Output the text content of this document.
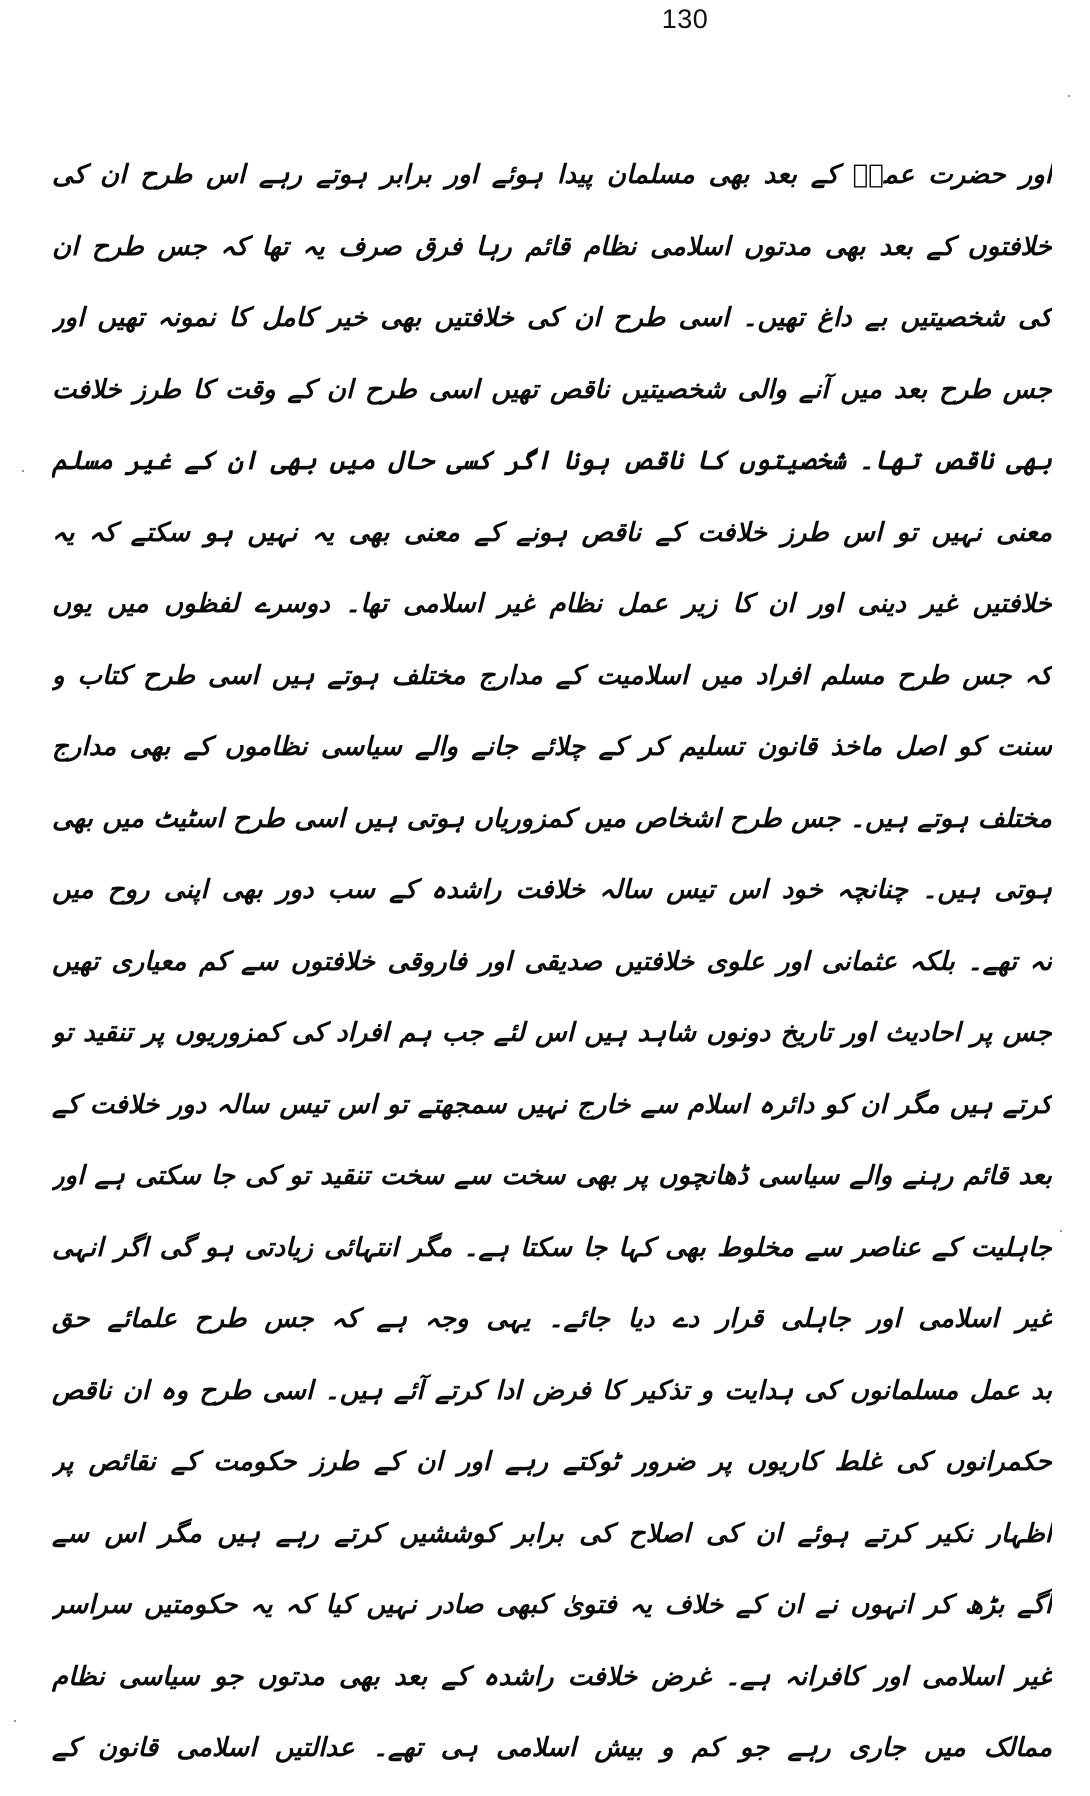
130
اور حضرت عمرؓ کے بعد بھی مسلمان پیدا ہوئے اور برابر ہوتے رہے اس طرح ان کی
خلافتوں کے بعد بھی مدتوں اسلامی نظام قائم رہا فرق صرف یہ تھا کہ جس طرح ان
کی شخصیتیں بے داغ تھیں۔ اسی طرح ان کی خلافتیں بھی خیر کامل کا نمونہ تھیں اور
جس طرح بعد میں آنے والی شخصیتیں ناقص تھیں اسی طرح ان کے وقت کا طرز خلافت
بھی ناقص تھا۔ شخصیتوں کا ناقص ہونا اگر کسی حال میں بھی ان کے غیر مسلم
معنی نہیں تو اس طرز خلافت کے ناقص ہونے کے معنی بھی یہ نہیں ہو سکتے کہ یہ
خلافتیں غیر دینی اور ان کا زیر عمل نظام غیر اسلامی تھا۔ دوسرے لفظوں میں یوں
کہ جس طرح مسلم افراد میں اسلامیت کے مدارج مختلف ہوتے ہیں اسی طرح کتاب و
سنت کو اصل ماخذ قانون تسلیم کر کے چلائے جانے والے سیاسی نظاموں کے بھی مدارج
مختلف ہوتے ہیں۔ جس طرح اشخاص میں کمزوریاں ہوتی ہیں اسی طرح اسٹیٹ میں بھی
ہوتی ہیں۔ چنانچہ خود اس تیس سالہ خلافت راشدہ کے سب دور بھی اپنی روح میں
نہ تھے۔ بلکہ عثمانی اور علوی خلافتیں صدیقی اور فاروقی خلافتوں سے کم معیاری تھیں
جس پر احادیث اور تاریخ دونوں شاہد ہیں اس لئے جب ہم افراد کی کمزوریوں پر تنقید تو
کرتے ہیں مگر ان کو دائرہ اسلام سے خارج نہیں سمجھتے تو اس تیس سالہ دور خلافت کے
بعد قائم رہنے والے سیاسی ڈھانچوں پر بھی سخت سے سخت تنقید تو کی جا سکتی ہے اور
جاہلیت کے عناصر سے مخلوط بھی کہا جا سکتا ہے۔ مگر انتہائی زیادتی ہو گی اگر انہی
غیر اسلامی اور جاہلی قرار دے دیا جائے۔ یہی وجہ ہے کہ جس طرح علمائے حق
بد عمل مسلمانوں کی ہدایت و تذکیر کا فرض ادا کرتے آئے ہیں۔ اسی طرح وہ ان ناقص
حکمرانوں کی غلط کاریوں پر ضرور ٹوکتے رہے اور ان کے طرز حکومت کے نقائص پر
اظہار نکیر کرتے ہوئے ان کی اصلاح کی برابر کوششیں کرتے رہے ہیں مگر اس سے
آگے بڑھ کر انہوں نے ان کے خلاف یہ فتویٰ کبھی صادر نہیں کیا کہ یہ حکومتیں سراسر
غیر اسلامی اور کافرانہ ہے۔ غرض خلافت راشدہ کے بعد بھی مدتوں جو سیاسی نظام
ممالک میں جاری رہے جو کم و بیش اسلامی ہی تھے۔ عدالتیں اسلامی قانون کے
